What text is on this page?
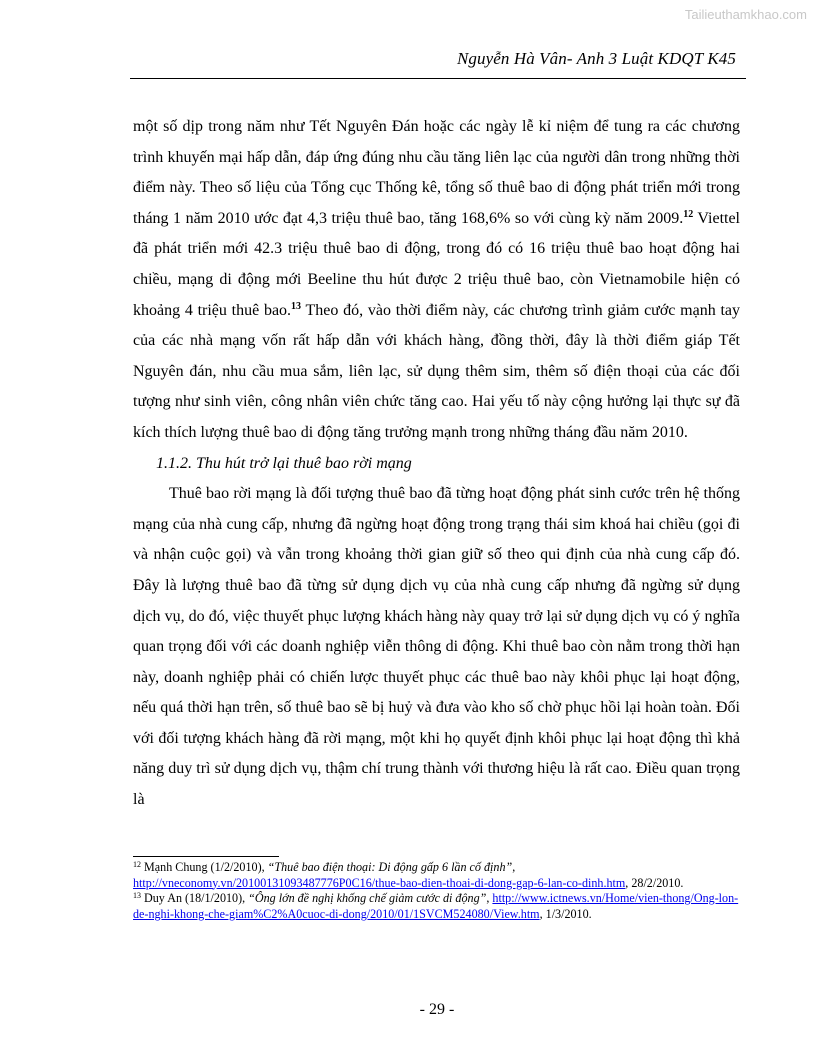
Tailieuthamkhao.com
Nguyễn Hà Vân- Anh 3 Luật KDQT K45

một số dịp trong năm như Tết Nguyên Đán hoặc các ngày lễ kỉ niệm để tung ra các chương trình khuyến mại hấp dẫn, đáp ứng đúng nhu cầu tăng liên lạc của người dân trong những thời điểm này. Theo số liệu của Tổng cục Thống kê, tổng số thuê bao di động phát triển mới trong tháng 1 năm 2010 ước đạt 4,3 triệu thuê bao, tăng 168,6% so với cùng kỳ năm 2009.12 Viettel đã phát triển mới 42.3 triệu thuê bao di động, trong đó có 16 triệu thuê bao hoạt động hai chiều, mạng di động mới Beeline thu hút được 2 triệu thuê bao, còn Vietnamobile hiện có khoảng 4 triệu thuê bao.$^{13}$ Theo đó, vào thời điểm này, các chương trình giảm cước mạnh tay của các nhà mạng vốn rất hấp dẫn với khách hàng, đồng thời, đây là thời điểm giáp Tết Nguyên đán, nhu cầu mua sắm, liên lạc, sử dụng thêm sim, thêm số điện thoại của các đối tượng như sinh viên, công nhân viên chức tăng cao. Hai yếu tố này cộng hưởng lại thực sự đã kích thích lượng thuê bao di động tăng trưởng mạnh trong những tháng đầu năm 2010.

1.1.2. Thu hút trở lại thuê bao rời mạng

Thuê bao rời mạng là đối tượng thuê bao đã từng hoạt động phát sinh cước trên hệ thống mạng của nhà cung cấp, nhưng đã ngừng hoạt động trong trạng thái sim khoá hai chiều (gọi đi và nhận cuộc gọi) và vẫn trong khoảng thời gian giữ số theo qui định của nhà cung cấp đó. Đây là lượng thuê bao đã từng sử dụng dịch vụ của nhà cung cấp nhưng đã ngừng sử dụng dịch vụ, do đó, việc thuyết phục lượng khách hàng này quay trở lại sử dụng dịch vụ có ý nghĩa quan trọng đối với các doanh nghiệp viễn thông di động. Khi thuê bao còn nằm trong thời hạn này, doanh nghiệp phải có chiến lược thuyết phục các thuê bao này khôi phục lại hoạt động, nếu quá thời hạn trên, số thuê bao sẽ bị huỷ và đưa vào kho số chờ phục hồi lại hoàn toàn. Đối với đối tượng khách hàng đã rời mạng, một khi họ quyết định khôi phục lại hoạt động thì khả năng duy trì sử dụng dịch vụ, thậm chí trung thành với thương hiệu là rất cao. Điều quan trọng là

$^{12}$ Mạnh Chung (1/2/2010), “Thuê bao điện thoại: Di động gấp 6 lần cố định”,
http://vneconomy.vn/20100131093487776P0C16/thue-bao-dien-thoai-di-dong-gap-6-lan-co-dinh.htm, 28/2/2010.

$^{13}$ Duy An (18/1/2010), “Ông lớn đề nghị khống chế giảm cước di động”, http://www.ictnews.vn/Home/vien-thong/Ong-lon-de-nghi-khong-che-giam%C2%A0cuoc-di-dong/2010/01/1SVCM524080/View.htm, 1/3/2010.

- 29 -
